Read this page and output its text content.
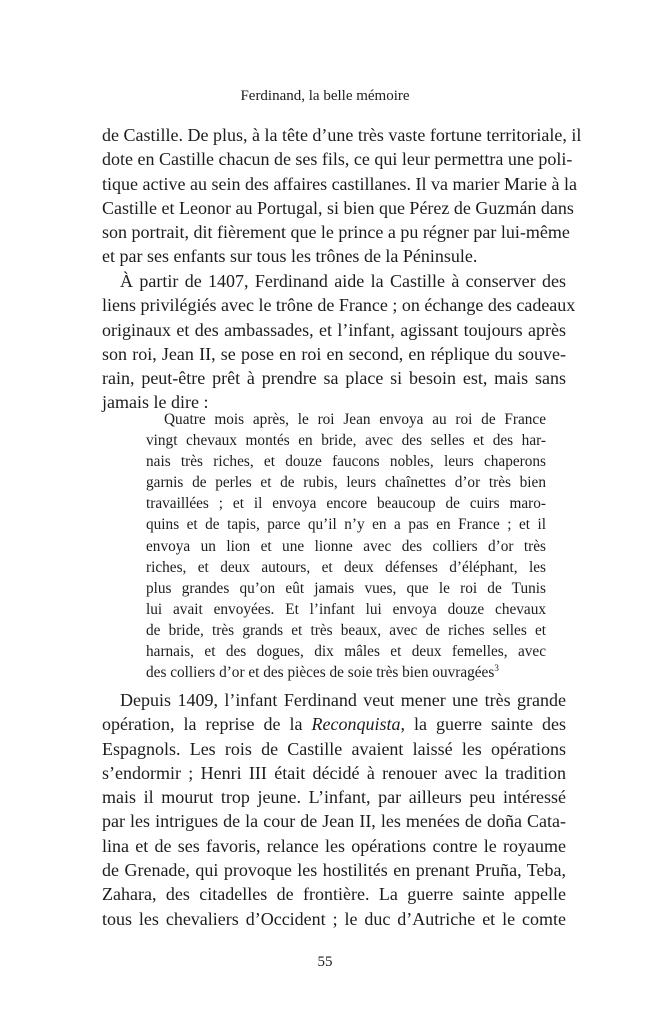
Ferdinand, la belle mémoire
de Castille. De plus, à la tête d’une très vaste fortune territoriale, il
dote en Castille chacun de ses fils, ce qui leur permettra une poli-
tique active au sein des affaires castillanes. Il va marier Marie à la
Castille et Leonor au Portugal, si bien que Pérez de Guzmán dans
son portrait, dit fièrement que le prince a pu régner par lui-même
et par ses enfants sur tous les trônes de la Péninsule.
À partir de 1407, Ferdinand aide la Castille à conserver des
liens privilégiés avec le trône de France ; on échange des cadeaux
originaux et des ambassades, et l’infant, agissant toujours après
son roi, Jean II, se pose en roi en second, en réplique du souve-
rain, peut-être prêt à prendre sa place si besoin est, mais sans
jamais le dire :
Quatre mois après, le roi Jean envoya au roi de France
vingt chevaux montés en bride, avec des selles et des har-
nais très riches, et douze faucons nobles, leurs chaperons
garnis de perles et de rubis, leurs chaînettes d’or très bien
travaillées ; et il envoya encore beaucoup de cuirs maro-
quins et de tapis, parce qu’il n’y en a pas en France ; et il
envoya un lion et une lionne avec des colliers d’or très
riches, et deux autours, et deux défenses d’éléphant, les
plus grandes qu’on eût jamais vues, que le roi de Tunis
lui avait envoyées. Et l’infant lui envoya douze chevaux
de bride, très grands et très beaux, avec de riches selles et
harnais, et des dogues, dix mâles et deux femelles, avec
des colliers d’or et des pièces de soie très bien ouvragées$^3$
Depuis 1409, l’infant Ferdinand veut mener une très grande
opération, la reprise de la Reconquista, la guerre sainte des
Espagnols. Les rois de Castille avaient laissé les opérations
s’endormir ; Henri III était décidé à renouer avec la tradition
mais il mourut trop jeune. L’infant, par ailleurs peu intéressé
par les intrigues de la cour de Jean II, les menées de doña Cata-
lina et de ses favoris, relance les opérations contre le royaume
de Grenade, qui provoque les hostilités en prenant Pruña, Teba,
Zahara, des citadelles de frontière. La guerre sainte appelle
tous les chevaliers d’Occident ; le duc d’Autriche et le comte
55
